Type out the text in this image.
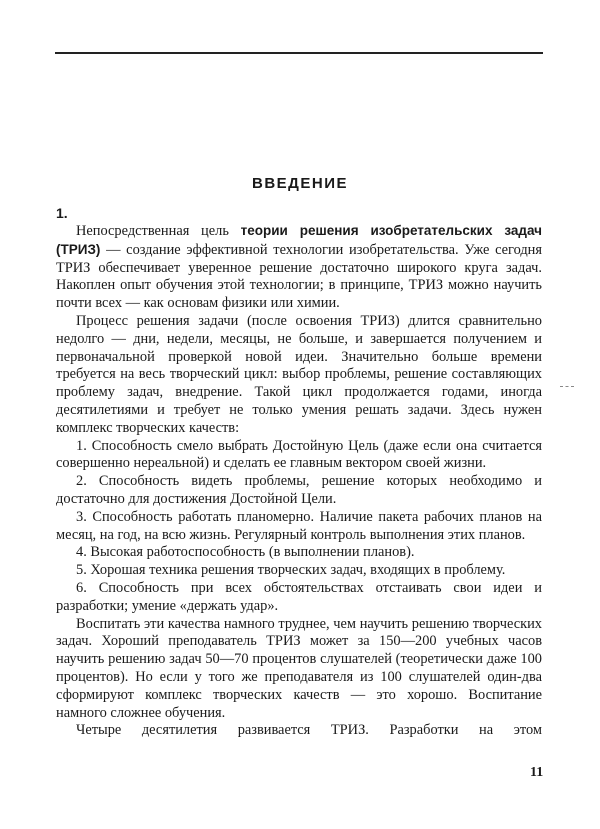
ВВЕДЕНИЕ
1.

Непосредственная цель теории решения изобретательских задач (ТРИЗ) — создание эффективной технологии изобретательства. Уже сегодня ТРИЗ обеспечивает уверенное решение достаточно широкого круга задач. Накоплен опыт обучения этой технологии; в принципе, ТРИЗ можно научить почти всех — как основам физики или химии.

Процесс решения задачи (после освоения ТРИЗ) длится сравнительно недолго — дни, недели, месяцы, не больше, и завершается получением и первоначальной проверкой новой идеи. Значительно больше времени требуется на весь творческий цикл: выбор проблемы, решение составляющих проблему задач, внедрение. Такой цикл продолжается годами, иногда десятилетиями и требует не только умения решать задачи. Здесь нужен комплекс творческих качеств:

1. Способность смело выбрать Достойную Цель (даже если она считается совершенно нереальной) и сделать ее главным вектором своей жизни.

2. Способность видеть проблемы, решение которых необходимо и достаточно для достижения Достойной Цели.

3. Способность работать планомерно. Наличие пакета рабочих планов на месяц, на год, на всю жизнь. Регулярный контроль выполнения этих планов.

4. Высокая работоспособность (в выполнении планов).

5. Хорошая техника решения творческих задач, входящих в проблему.

6. Способность при всех обстоятельствах отстаивать свои идеи и разработки; умение «держать удар».

Воспитать эти качества намного труднее, чем научить решению творческих задач. Хороший преподаватель ТРИЗ может за 150—200 учебных часов научить решению задач 50—70 процентов слушателей (теоретически даже 100 процентов). Но если у того же преподавателя из 100 слушателей один-два сформируют комплекс творческих качеств — это хорошо. Воспитание намного сложнее обучения.

Четыре десятилетия развивается ТРИЗ. Разработки на этом

11
